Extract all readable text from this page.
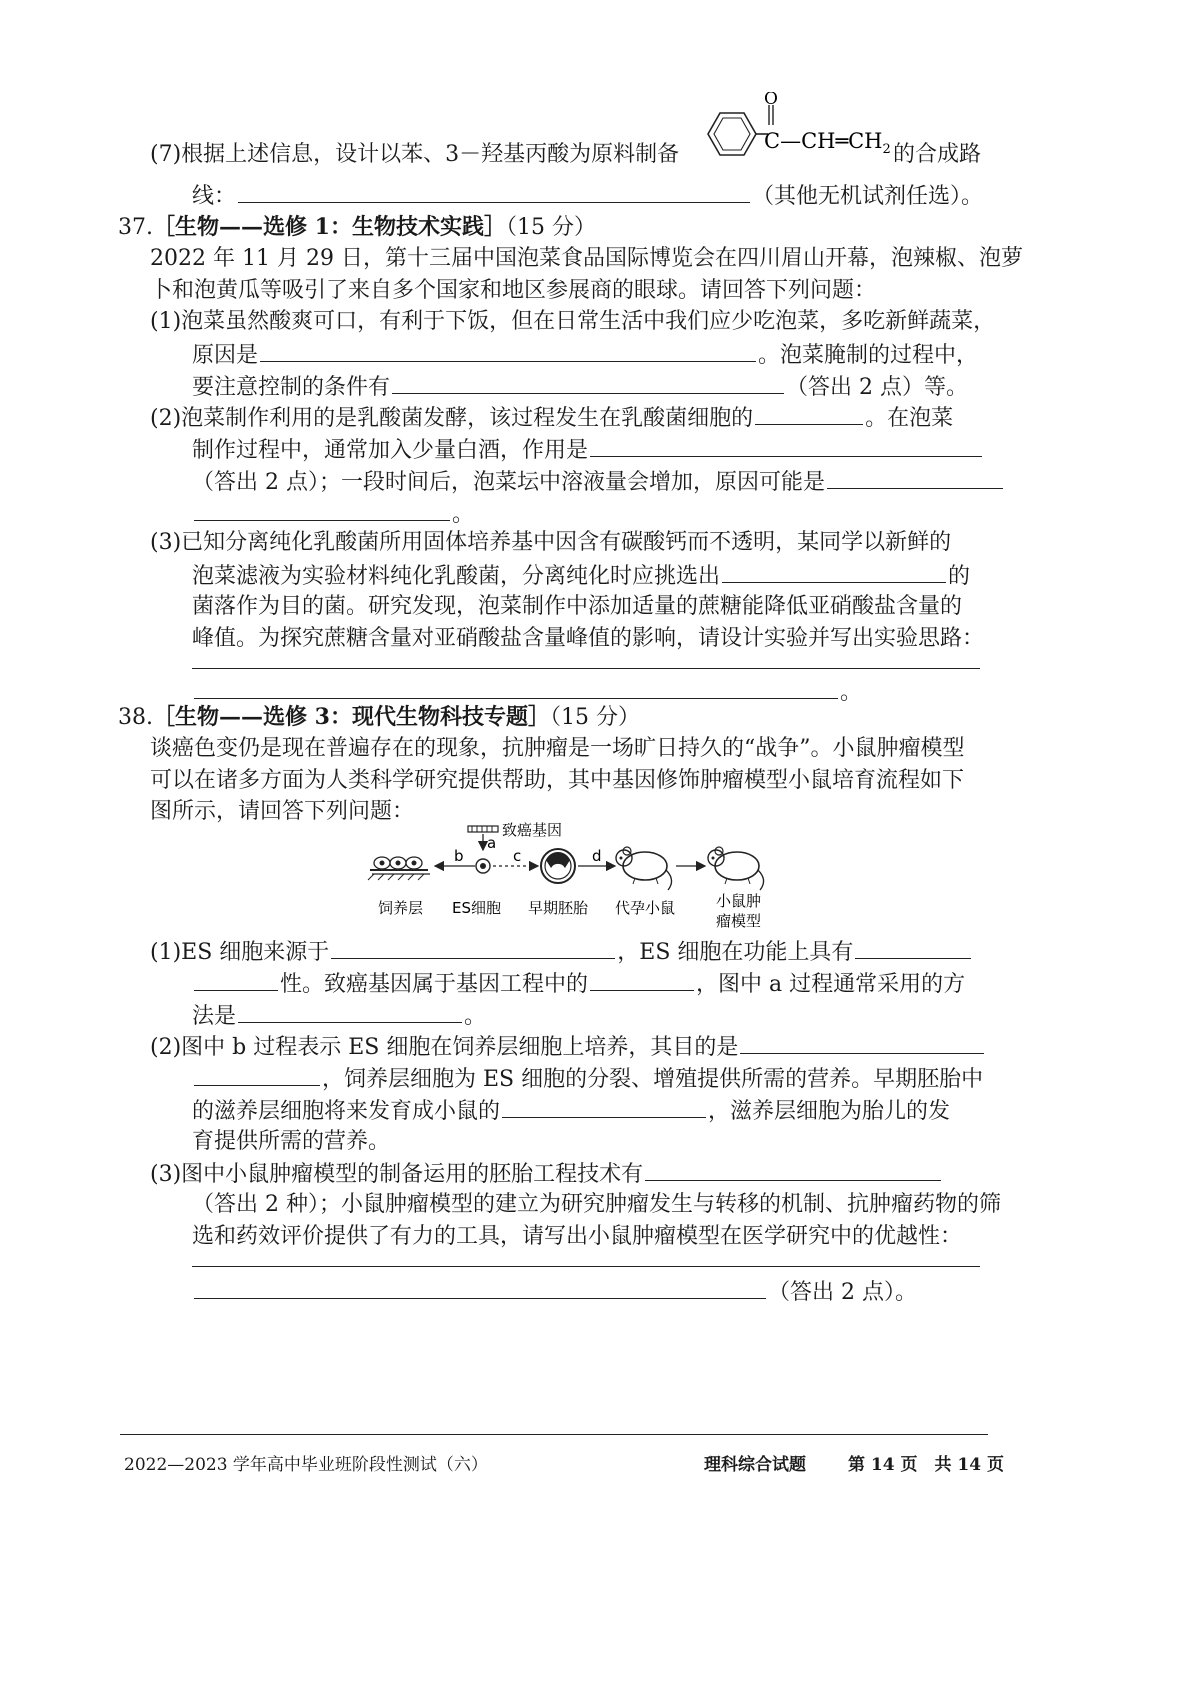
(7)根据上述信息，设计以苯、3－羟基丙酸为原料制备
O
$C—CH═CH_2$ 的合成路
线：	（其他无机试剂任选）。
37.［生物——选修 1：生物技术实践］（15 分）
2022 年 11 月 29 日，第十三届中国泡菜食品国际博览会在四川眉山开幕，泡辣椒、泡萝
卜和泡黄瓜等吸引了来自多个国家和地区参展商的眼球。请回答下列问题：
(1)泡菜虽然酸爽可口，有利于下饭，但在日常生活中我们应少吃泡菜，多吃新鲜蔬菜，
原因是	。泡菜腌制的过程中，
要注意控制的条件有	（答出 2 点）等。
(2)泡菜制作利用的是乳酸菌发酵，该过程发生在乳酸菌细胞的	。在泡菜
制作过程中，通常加入少量白酒，作用是
（答出 2 点）；一段时间后，泡菜坛中溶液量会增加，原因可能是
。
(3)已知分离纯化乳酸菌所用固体培养基中因含有碳酸钙而不透明，某同学以新鲜的
泡菜滤液为实验材料纯化乳酸菌，分离纯化时应挑选出	的
菌落作为目的菌。研究发现，泡菜制作中添加适量的蔗糖能降低亚硝酸盐含量的
峰值。为探究蔗糖含量对亚硝酸盐含量峰值的影响，请设计实验并写出实验思路：
。
38.［生物——选修 3：现代生物科技专题］（15 分）
谈癌色变仍是现在普遍存在的现象，抗肿瘤是一场旷日持久的“战争”。小鼠肿瘤模型
可以在诸多方面为人类科学研究提供帮助，其中基因修饰肿瘤模型小鼠培育流程如下
图所示，请回答下列问题：
致癌基因
a
b	c	d
饲养层 ES细胞 早期胚胎 代孕小鼠	小鼠肿
瘤模型
(1)ES 细胞来源于	，ES 细胞在功能上具有
性。致癌基因属于基因工程中的	，图中 a 过程通常采用的方
法是	。
(2)图中 b 过程表示 ES 细胞在饲养层细胞上培养，其目的是
，饲养层细胞为 ES 细胞的分裂、增殖提供所需的营养。早期胚胎中
的滋养层细胞将来发育成小鼠的	，滋养层细胞为胎儿的发
育提供所需的营养。
(3)图中小鼠肿瘤模型的制备运用的胚胎工程技术有
（答出 2 种）；小鼠肿瘤模型的建立为研究肿瘤发生与转移的机制、抗肿瘤药物的筛
选和药效评价提供了有力的工具，请写出小鼠肿瘤模型在医学研究中的优越性：
（答出 2 点）。
2022—2023 学年高中毕业班阶段性测试（六）	理科综合试题 第 14 页　共 14 页
